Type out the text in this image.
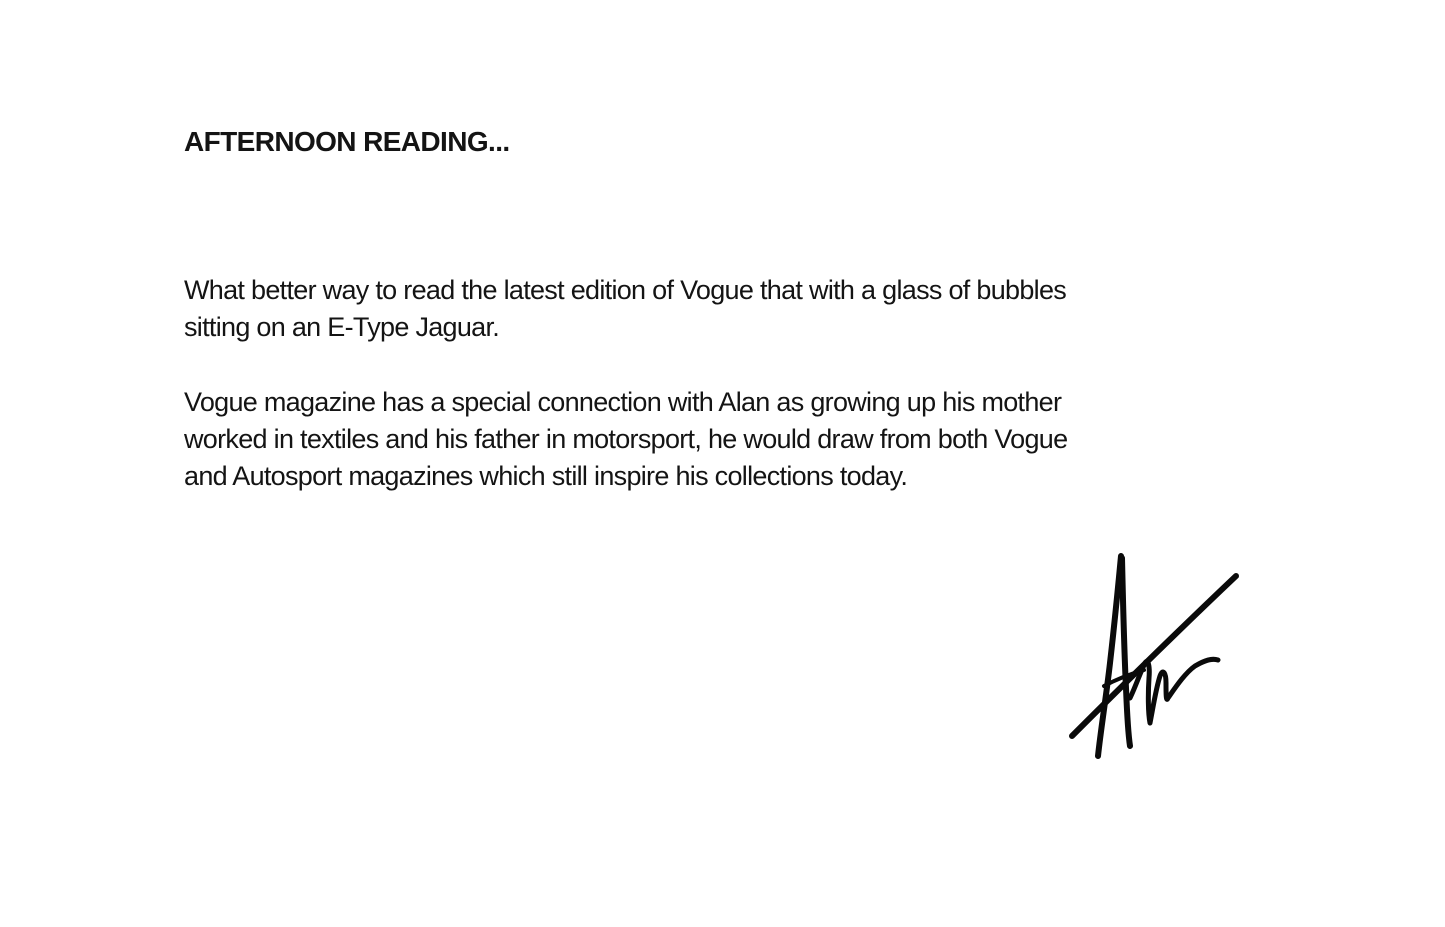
AFTERNOON READING...

What better way to read the latest edition of Vogue that with a glass of bubbles
sitting on an E-Type Jaguar.

Vogue magazine has a special connection with Alan as growing up his mother
worked in textiles and his father in motorsport, he would draw from both Vogue
and Autosport magazines which still inspire his collections today.
